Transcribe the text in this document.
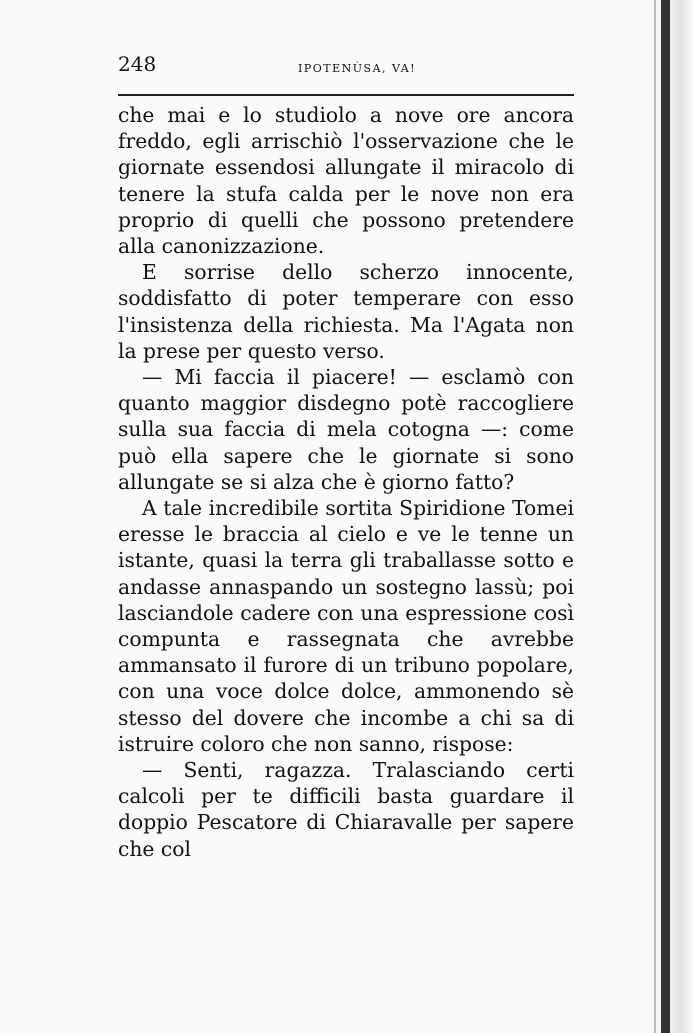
248	IPOTENÙSA, VA!

che mai e lo studiolo a nove ore ancora freddo, egli arrischiò l'osservazione che le giornate essendosi allungate il miracolo di tenere la stufa calda per le nove non era proprio di quelli che possono pretendere alla canonizzazione.

E sorrise dello scherzo innocente, soddisfatto di poter temperare con esso l'insistenza della richiesta. Ma l'Agata non la prese per questo verso.

— Mi faccia il piacere! — esclamò con quanto maggior disdegno potè raccogliere sulla sua faccia di mela cotogna —: come può ella sapere che le giornate si sono allungate se si alza che è giorno fatto?

A tale incredibile sortita Spiridione Tomei eresse le braccia al cielo e ve le tenne un istante, quasi la terra gli traballasse sotto e andasse annaspando un sostegno lassù; poi lasciandole cadere con una espressione così compunta e rassegnata che avrebbe ammansato il furore di un tribuno popolare, con una voce dolce dolce, ammonendo sè stesso del dovere che incombe a chi sa di istruire coloro che non sanno, rispose:

— Senti, ragazza. Tralasciando certi calcoli per te difficili basta guardare il doppio Pescatore di Chiaravalle per sapere che col
